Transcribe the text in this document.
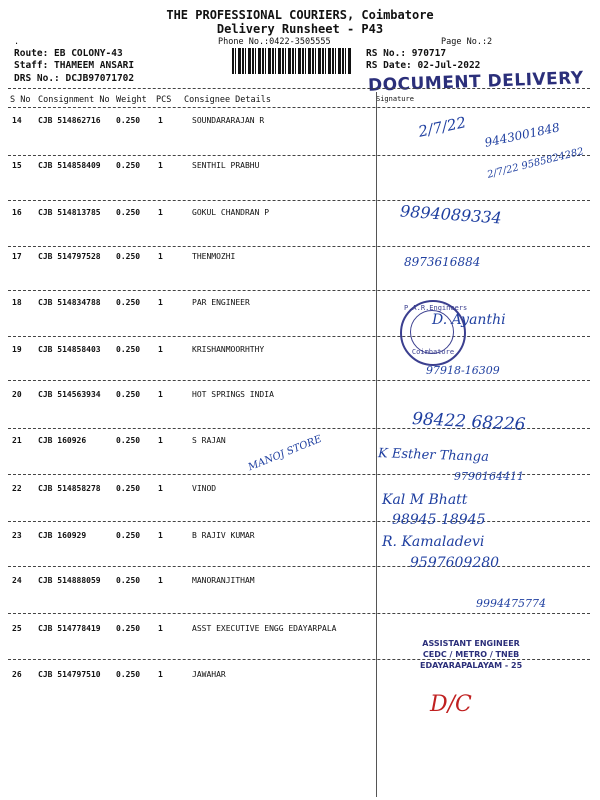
THE PROFESSIONAL COURIERS, Coimbatore
Delivery Runsheet - P43
Phone No.:0422-3505555	Page No.:2
.
Route: EB COLONY-43
Staff: THAMEEM ANSARI
DRS No.: DCJB97071702
RS No.: 970717
RS Date: 02-Jul-2022
DOCUMENT DELIVERY
S No Consignment No Weight PCS Consignee Details	Signature
14 CJB 514862716 0.250 1	SOUNDARARAJAN R
15 CJB 514858409 0.250 1	SENTHIL PRABHU
16 CJB 514813785 0.250 1	GOKUL CHANDRAN P
17 CJB 514797528 0.250 1	THENMOZHI
18 CJB 514834788 0.250 1	PAR ENGINEER
19 CJB 514858403 0.250 1	KRISHANMOORHTHY
20 CJB 514563934 0.250 1	HOT SPRINGS INDIA
21 CJB 160926	0.250 1	S RAJAN
22 CJB 514858278 0.250 1	VINOD
23 CJB 160929	0.250 1	B RAJIV KUMAR
24 CJB 514888059 0.250 1	MANORANJITHAM
25 CJB 514778419 0.250 1	ASST EXECUTIVE ENGG EDAYARPALA
26 CJB 514797510 0.250 1	JAWAHAR
2/7/22 9443001848
2/7/22 9585824282
9894089334
8973616884
P.A.R.Engineers
Coimbatore
D. Ayanthi
97918-16309
98422 68226
MANOJ STORE	K Esther Thanga
9790164411
Kal M Bhatt
98945 18945
R. Kamaladevi
9597609280
9994475774
ASSISTANT ENGINEER
CEDC / METRO / TNEB
EDAYARAPALAYAM - 25
D/C
